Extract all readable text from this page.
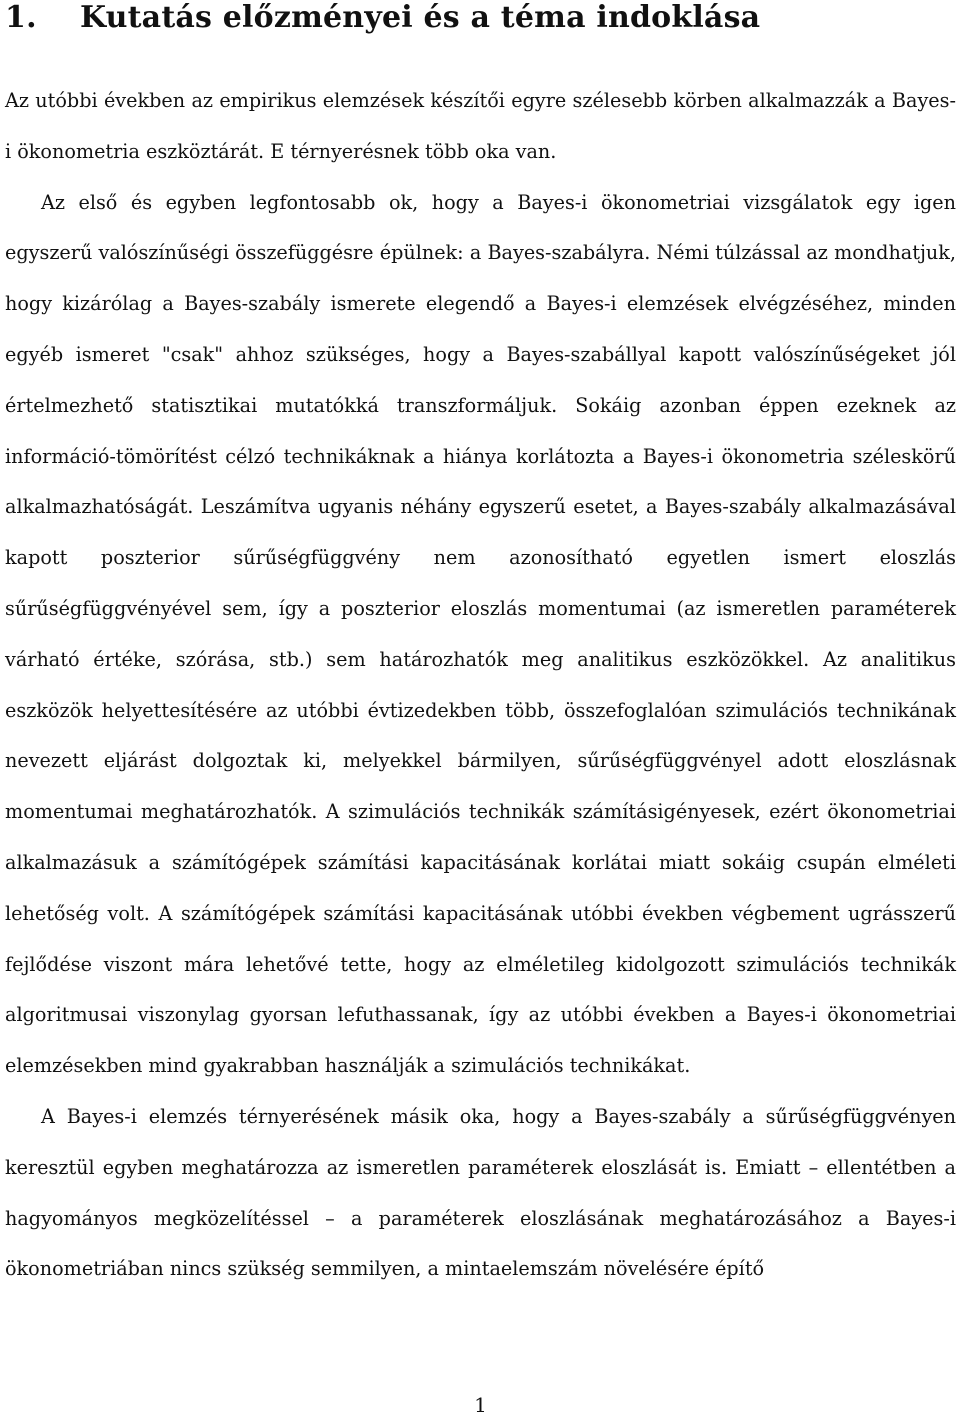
1.	Kutatás előzményei és a téma indoklása

Az utóbbi években az empirikus elemzések készítői egyre szélesebb körben alkalmazzák a Bayes-i ökonometria eszköztárát. E térnyerésnek több oka van.

Az első és egyben legfontosabb ok, hogy a Bayes-i ökonometriai vizsgálatok egy igen egyszerű valószínűségi összefüggésre épülnek: a Bayes-szabályra. Némi túlzással az mondhatjuk, hogy kizárólag a Bayes-szabály ismerete elegendő a Bayes-i elemzések elvégzéséhez, minden egyéb ismeret "csak" ahhoz szükséges, hogy a Bayes-szabállyal kapott valószínűségeket jól értelmezhető statisztikai mutatókká transzformáljuk. Sokáig azonban éppen ezeknek az információ-tömörítést célzó technikáknak a hiánya korlátozta a Bayes-i ökonometria széleskörű alkalmazhatóságát. Leszámítva ugyanis néhány egyszerű esetet, a Bayes-szabály alkalmazásával kapott poszterior sűrűségfüggvény nem azonosítható egyetlen ismert eloszlás sűrűségfüggvényével sem, így a poszterior eloszlás momentumai (az ismeretlen paraméterek várható értéke, szórása, stb.) sem határozhatók meg analitikus eszközökkel. Az analitikus eszközök helyettesítésére az utóbbi évtizedekben több, összefoglalóan szimulációs technikának nevezett eljárást dolgoztak ki, melyekkel bármilyen, sűrűségfüggvényel adott eloszlásnak momentumai meghatározhatók. A szimulációs technikák számításigényesek, ezért ökonometriai alkalmazásuk a számítógépek számítási kapacitásának korlátai miatt sokáig csupán elméleti lehetőség volt. A számítógépek számítási kapacitásának utóbbi években végbement ugrásszerű fejlődése viszont mára lehetővé tette, hogy az elméletileg kidolgozott szimulációs technikák algoritmusai viszonylag gyorsan lefuthassanak, így az utóbbi években a Bayes-i ökonometriai elemzésekben mind gyakrabban használják a szimulációs technikákat.

A Bayes-i elemzés térnyerésének másik oka, hogy a Bayes-szabály a sűrűségfüggvényen keresztül egyben meghatározza az ismeretlen paraméterek eloszlását is. Emiatt – ellentétben a hagyományos megközelítéssel – a paraméterek eloszlásának meghatározásához a Bayes-i ökonometriában nincs szükség semmilyen, a mintaelemszám növelésére építő

1
